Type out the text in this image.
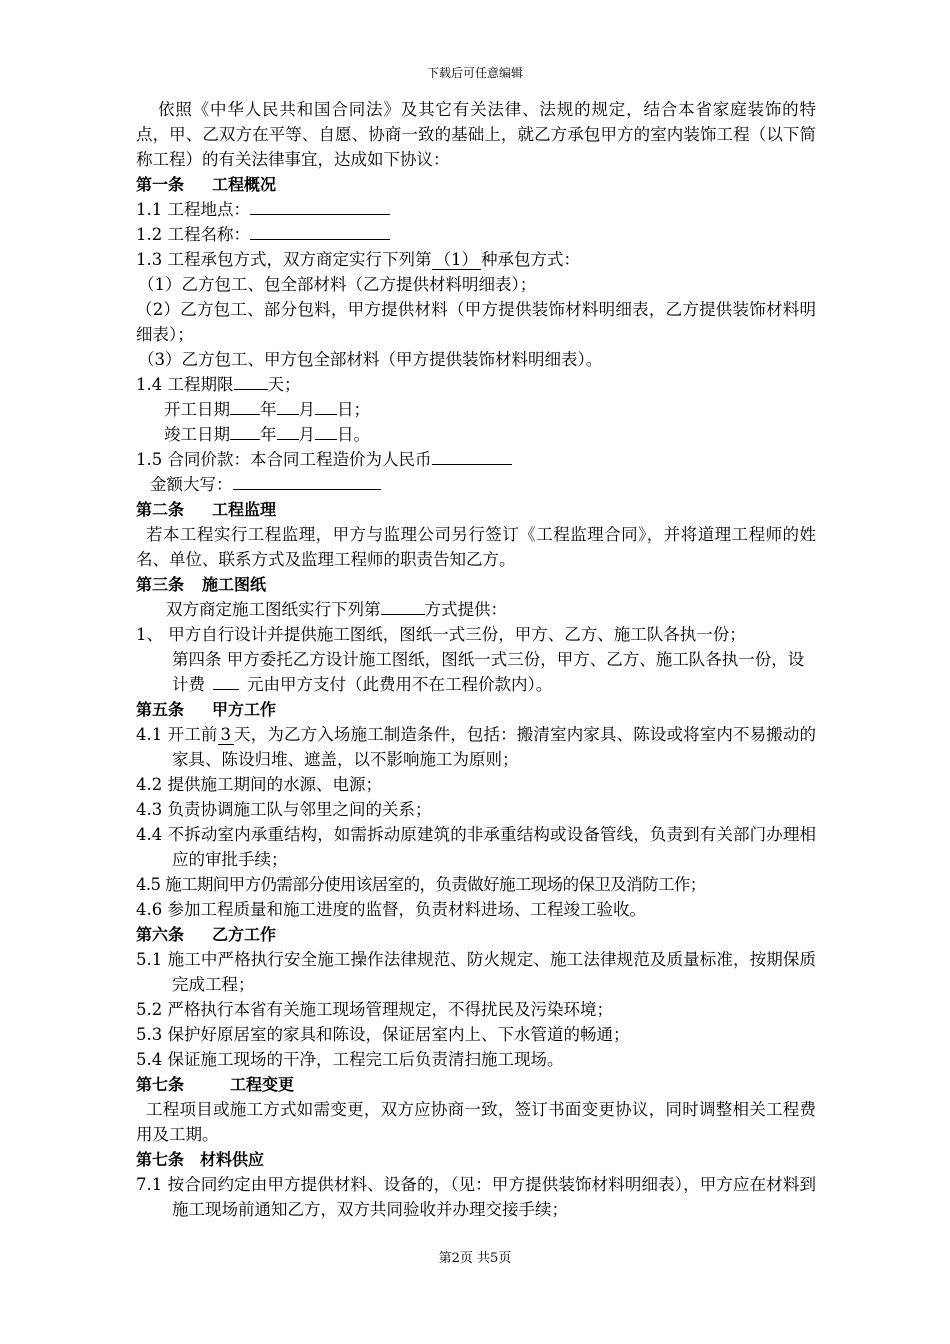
下载后可任意编辑

依照《中华人民共和国合同法》及其它有关法律、法规的规定，结合本省家庭装饰的特点，甲、乙双方在平等、自愿、协商一致的基础上，就乙方承包甲方的室内装饰工程（以下简称工程）的有关法律事宜，达成如下协议：

第一条 工程概况

1.1 工程地点：

1.2 工程名称：

1.3 工程承包方式，双方商定实行下列第 （1） 种承包方式：

（1）乙方包工、包全部材料（乙方提供材料明细表）；

（2）乙方包工、部分包料，甲方提供材料（甲方提供装饰材料明细表，乙方提供装饰材料明细表）；

（3）乙方包工、甲方包全部材料（甲方提供装饰材料明细表）。

1.4 工程期限 天；

开工日期 年 月 日；

竣工日期 年 月 日。

1.5 合同价款：本合同工程造价为人民币

金额大写：

第二条 工程监理

若本工程实行工程监理，甲方与监理公司另行签订《工程监理合同》，并将道理工程师的姓名、单位、联系方式及监理工程师的职责告知乙方。

第三条 施工图纸

双方商定施工图纸实行下列第	方式提供：

1、 甲方自行设计并提供施工图纸，图纸一式三份，甲方、乙方、施工队各执一份；

第四条 甲方委托乙方设计施工图纸，图纸一式三份，甲方、乙方、施工队各执一份，设计费	元由甲方支付（此费用不在工程价款内）。

第五条 甲方工作

4.1 开工前 3 天，为乙方入场施工制造条件，包括：搬清室内家具、陈设或将室内不易搬动的家具、陈设归堆、遮盖，以不影响施工为原则；

4.2 提供施工期间的水源、电源；

4.3 负责协调施工队与邻里之间的关系；

4.4 不拆动室内承重结构，如需拆动原建筑的非承重结构或设备管线，负责到有关部门办理相应的审批手续；

4.5 施工期间甲方仍需部分使用该居室的，负责做好施工现场的保卫及消防工作；

4.6 参加工程质量和施工进度的监督，负责材料进场、工程竣工验收。

第六条 乙方工作

5.1 施工中严格执行安全施工操作法律规范、防火规定、施工法律规范及质量标准，按期保质完成工程；

5.2 严格执行本省有关施工现场管理规定，不得扰民及污染环境；

5.3 保护好原居室的家具和陈设，保证居室内上、下水管道的畅通；

5.4 保证施工现场的干净，工程完工后负责清扫施工现场。

第七条	工程变更

工程项目或施工方式如需变更，双方应协商一致，签订书面变更协议，同时调整相关工程费用及工期。

第七条 材料供应

7.1 按合同约定由甲方提供材料、设备的，（见：甲方提供装饰材料明细表），甲方应在材料到施工现场前通知乙方，双方共同验收并办理交接手续；

第2页 共5页
